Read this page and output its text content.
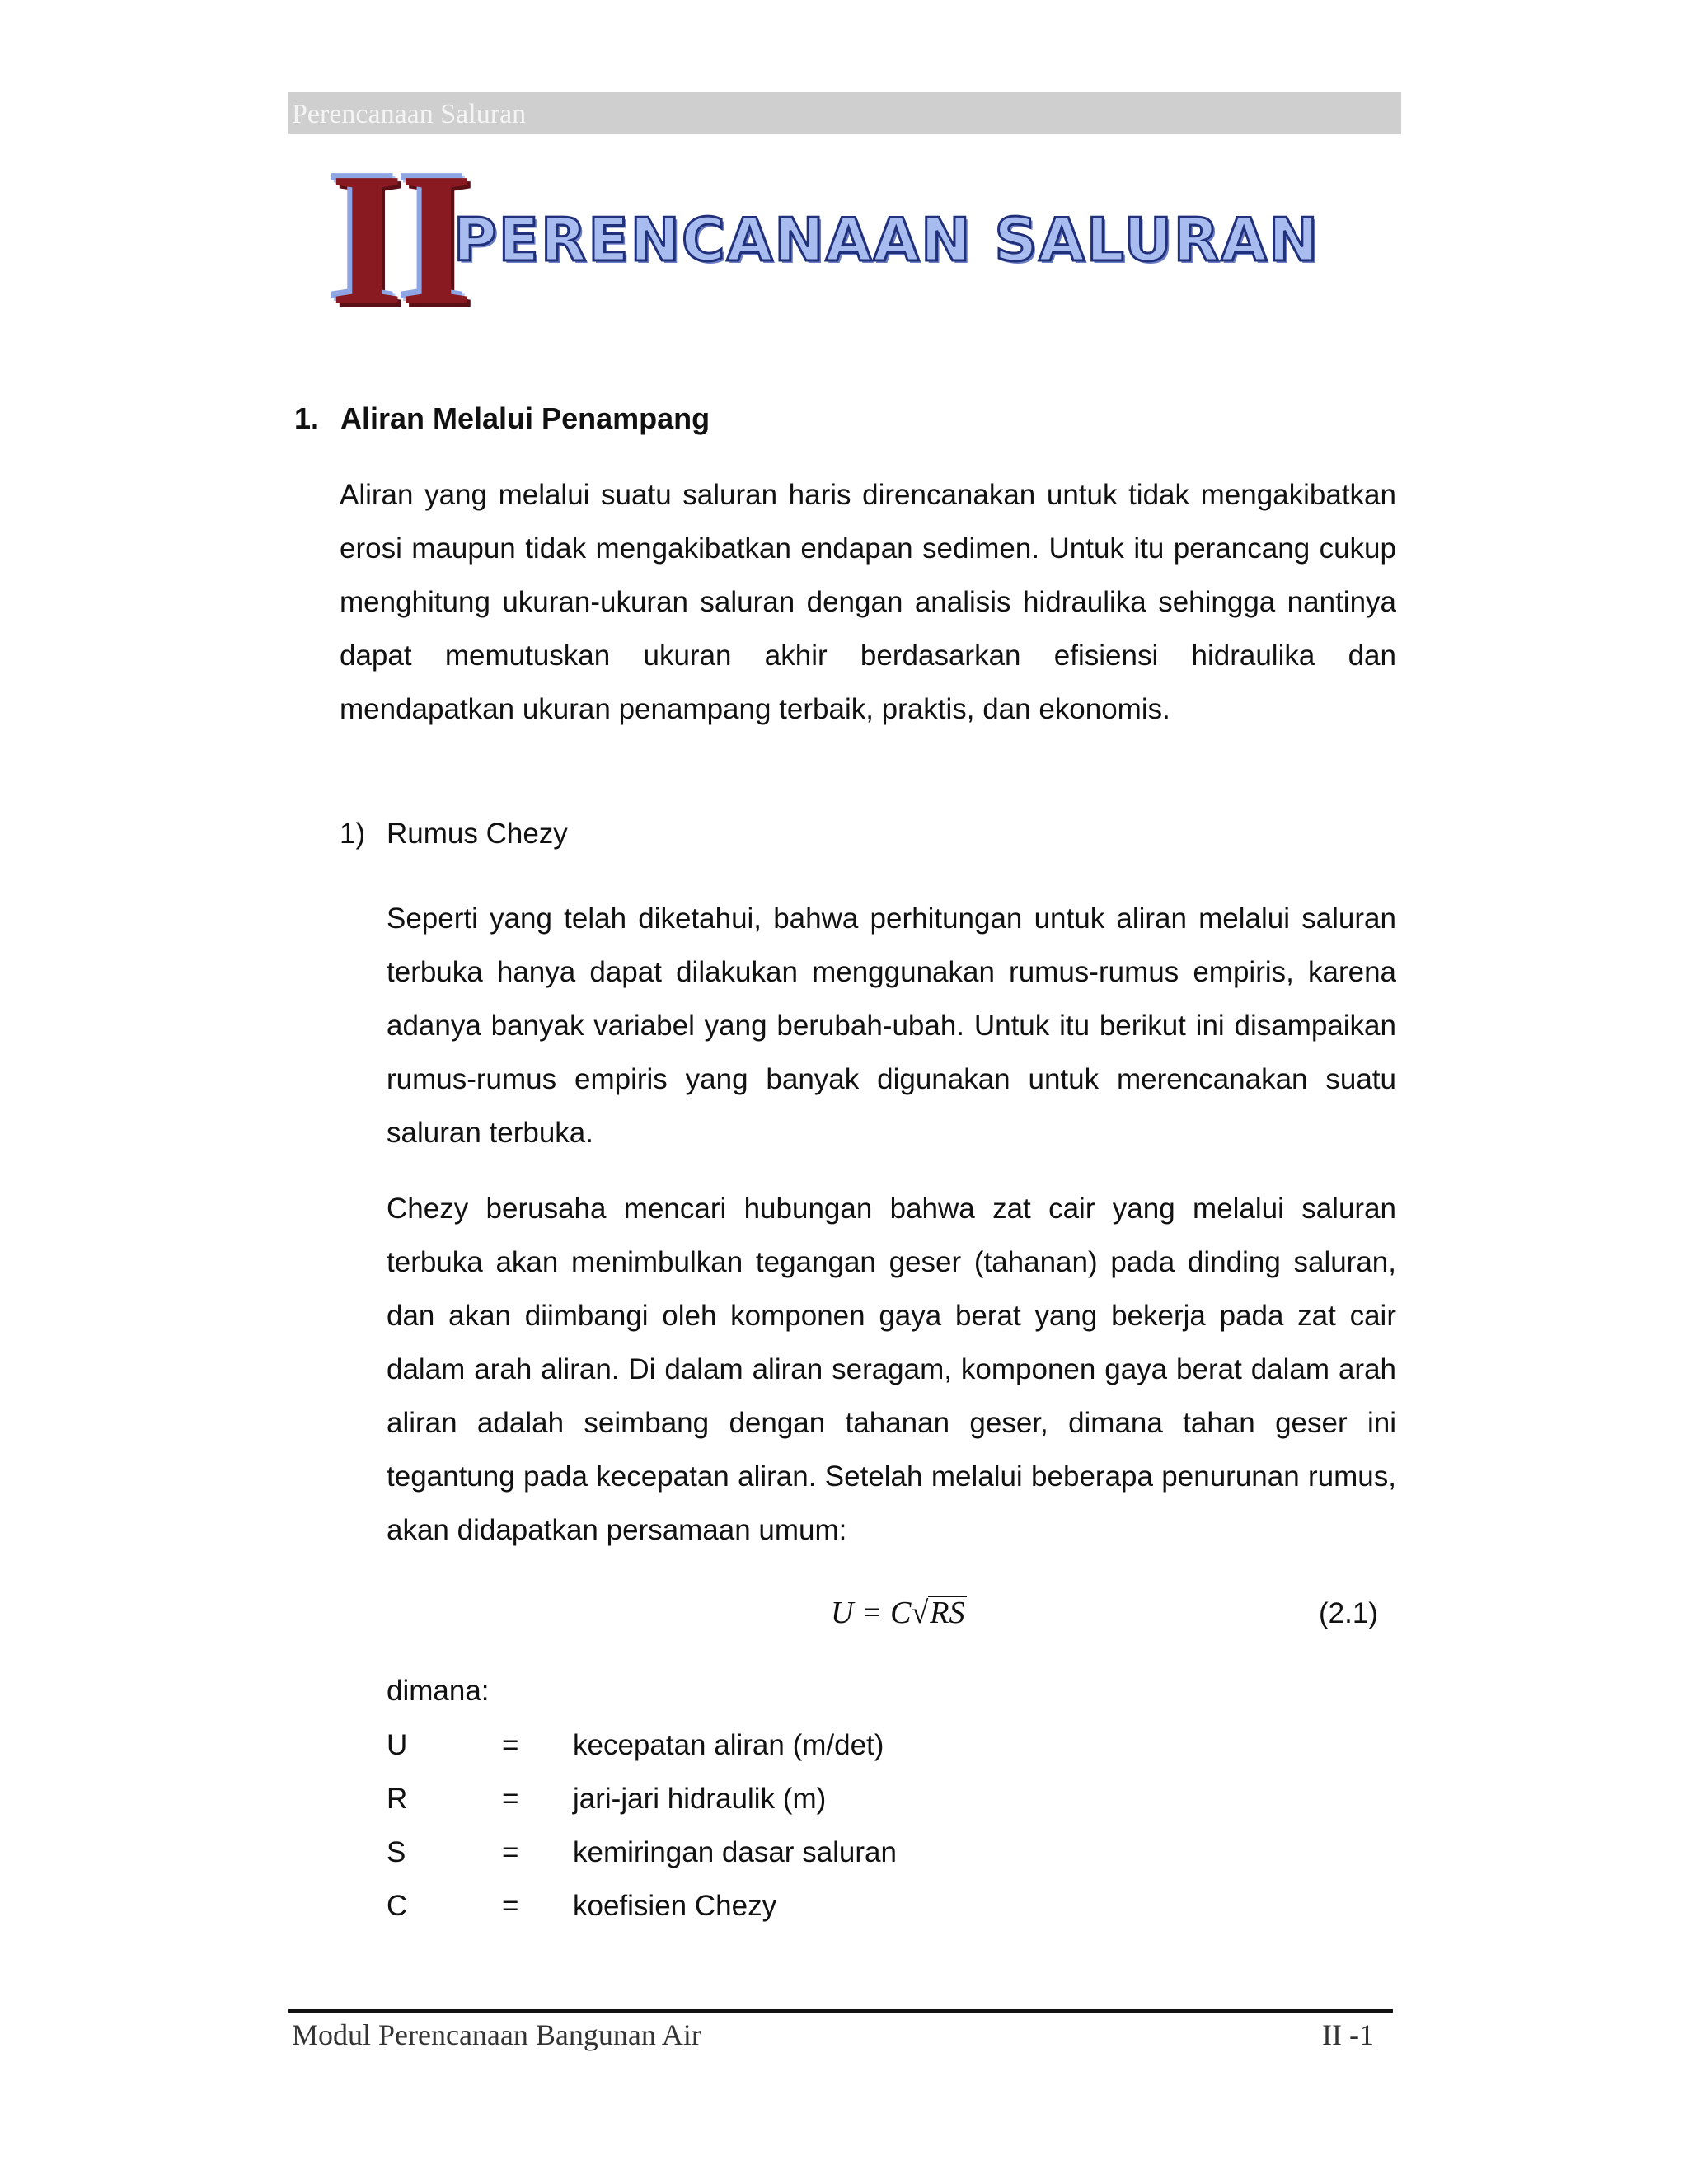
Perencanaan Saluran
II
PERENCANAAN SALURAN
1. Aliran Melalui Penampang

Aliran yang melalui suatu saluran haris direncanakan untuk tidak mengakibatkan erosi maupun tidak mengakibatkan endapan sedimen. Untuk itu perancang cukup menghitung ukuran-ukuran saluran dengan analisis hidraulika sehingga nantinya dapat memutuskan ukuran akhir berdasarkan efisiensi hidraulika dan mendapatkan ukuran penampang terbaik, praktis, dan ekonomis.

1) Rumus Chezy

Seperti yang telah diketahui, bahwa perhitungan untuk aliran melalui saluran terbuka hanya dapat dilakukan menggunakan rumus-rumus empiris, karena adanya banyak variabel yang berubah-ubah. Untuk itu berikut ini disampaikan rumus-rumus empiris yang banyak digunakan untuk merencanakan suatu saluran terbuka.

Chezy berusaha mencari hubungan bahwa zat cair yang melalui saluran terbuka akan menimbulkan tegangan geser (tahanan) pada dinding saluran, dan akan diimbangi oleh komponen gaya berat yang bekerja pada zat cair dalam arah aliran. Di dalam aliran seragam, komponen gaya berat dalam arah aliran adalah seimbang dengan tahanan geser, dimana tahan geser ini tegantung pada kecepatan aliran. Setelah melalui beberapa penurunan rumus, akan didapatkan persamaan umum:

U = C√RS	(2.1)
dimana:
U	=	kecepatan aliran (m/det)
R	=	jari-jari hidraulik (m)
S	=	kemiringan dasar saluran
C	=	koefisien Chezy
Modul Perencanaan Bangunan Air	II -1
